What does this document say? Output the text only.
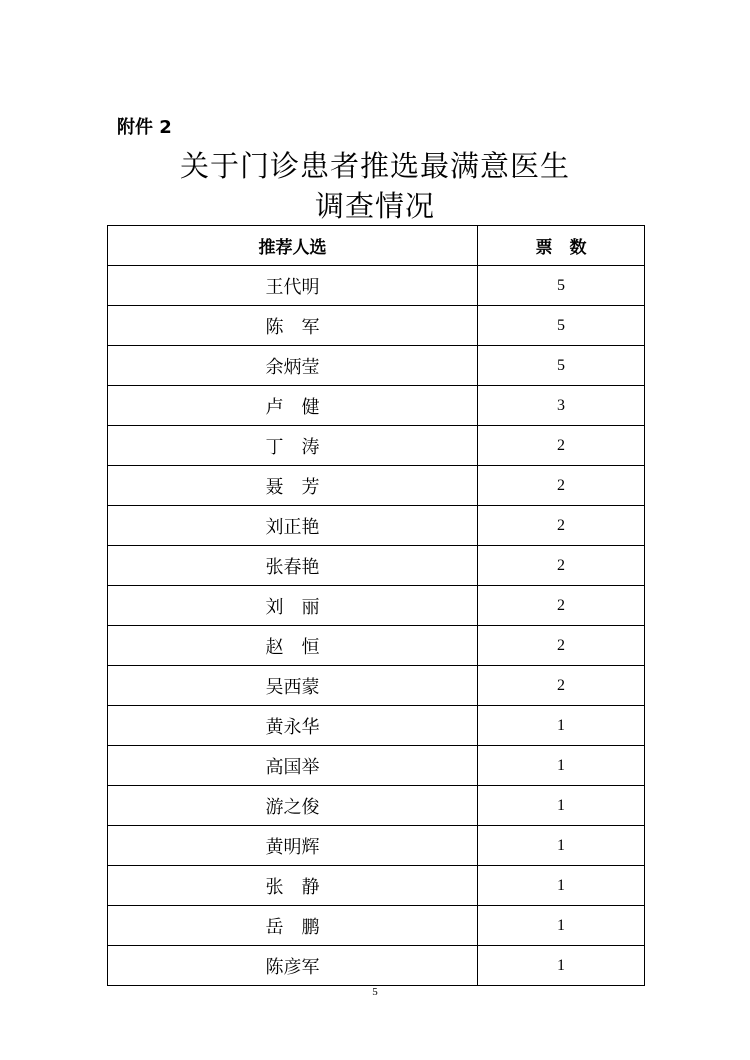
附件 2
关于门诊患者推选最满意医生
调查情况
推荐人选	票　数
王代明	5
陈　军	5
余炳莹	5
卢　健	3
丁　涛	2
聂　芳	2
刘正艳	2
张春艳	2
刘　丽	2
赵　恒	2
吴西蒙	2
黄永华	1
高国举	1
游之俊	1
黄明辉	1
张　静	1
岳　鹏	1
陈彦军	1
5
